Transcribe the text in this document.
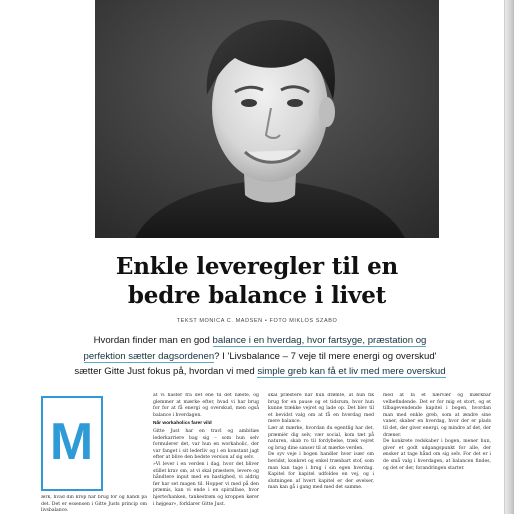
Enkle leveregler til en
bedre balance i livet
TEKST MONICA C. MADSEN • FOTO MIKLOS SZABO

Hvordan finder man en god balance i en hverdag, hvor fartsyge, præstation og perfektion sætter dagsordenen? I 'Livsbalance – 7 veje til mere energi og overskud' sætter Gitte Just fokus på, hvordan vi med simple greb kan få et liv med mere overskud

M

ærk, hvad din krop har brug for og handl på det. Det er essensen i Gitte Justs princip om livsbalance.

at vi haster fra det ene til det næste, og glemmer at mærke efter, hvad vi har brug for for at få energi og overskud, men også balance i hverdagen.

Når workaholics farer vild

Gitte Just har en travl og ambitiøs lederkarriere bag sig – som hun selv formulerer det, var hun en workaholic, der var fanget i sit lederliv og i en konstant jagt efter at blive den bedste version af sig selv.

»Vi lever i en verden i dag, hvor det bliver stillet krav om, at vi skal præstere, levere og håndtere input med en hastighed, vi aldrig før har set magen til. Hopper vi med på den præmis, kan vi ende i en spiralfase, hvor hjerte/hanken, tankestrøm og kroppen kører i højgear«, forklarer Gitte Just.

skal præstere når hun drømte, at hun fik brug for en pause og et tidsrum, hvor hun kunne trække vejret og lade op. Det blev til et bevidst valg om at få en hverdag med mere balance.

Lær at mærke, hvordan du egentlig har det, præmiér dig selv, vær social, kom tæt på naturen, skab ro til fordybelse, træk vejret og brug dine sanser til at mærke verden.

De syv veje i bogen handler hver især om bevidst, konkret og enkel trænbart stof, som man kan tage i brug i sin egen hverdag. Kapitel for kapitel udfoldes en vej, og i slutningen af hvert kapitel er der øvelser, man kan gå i gang med med det samme.

med at få et nærvær og mærkbar velbefindende. Det er for mig et stort, og et tilbagevendende kapitel i bogen, hvordan man med enkle greb, som at ændre sine vaner, skaber en hverdag, hvor der er plads til det, der giver energi, og mindre af det, der dræner.

De konkrete redskaber i bogen, mener hun, giver et godt udgangspunkt for alle, der ønsker at tage hånd om sig selv. For det er i de små valg i hverdagen, at balancen findes, og det er der, forandringen starter.
